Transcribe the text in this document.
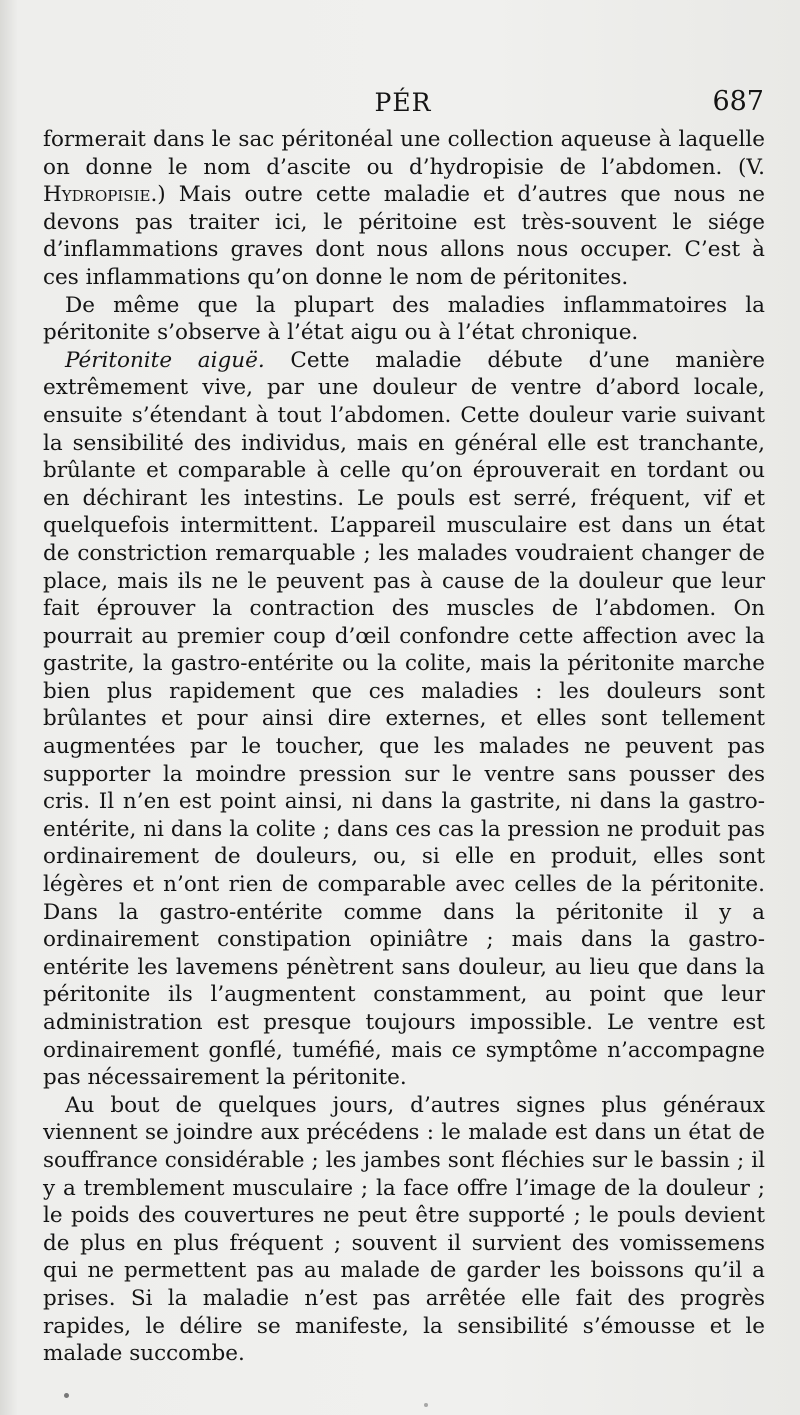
PÉR	687

formerait dans le sac péritonéal une collection aqueuse à laquelle on donne le nom d’ascite ou d’hydropisie de l’abdomen. (V. Hydropisie.) Mais outre cette maladie et d’autres que nous ne devons pas traiter ici, le péritoine est très-souvent le siége d’inflammations graves dont nous allons nous occuper. C’est à ces inflammations qu’on donne le nom de péritonites.

De même que la plupart des maladies inflammatoires la péritonite s’observe à l’état aigu ou à l’état chronique.

Péritonite aiguë. Cette maladie débute d’une manière extrêmement vive, par une douleur de ventre d’abord locale, ensuite s’étendant à tout l’abdomen. Cette douleur varie suivant la sensibilité des individus, mais en général elle est tranchante, brûlante et comparable à celle qu’on éprouverait en tordant ou en déchirant les intestins. Le pouls est serré, fréquent, vif et quelquefois intermittent. L’appareil musculaire est dans un état de constriction remarquable ; les malades voudraient changer de place, mais ils ne le peuvent pas à cause de la douleur que leur fait éprouver la contraction des muscles de l’abdomen. On pourrait au premier coup d’œil confondre cette affection avec la gastrite, la gastro-entérite ou la colite, mais la péritonite marche bien plus rapidement que ces maladies : les douleurs sont brûlantes et pour ainsi dire externes, et elles sont tellement augmentées par le toucher, que les malades ne peuvent pas supporter la moindre pression sur le ventre sans pousser des cris. Il n’en est point ainsi, ni dans la gastrite, ni dans la gastro-entérite, ni dans la colite ; dans ces cas la pression ne produit pas ordinairement de douleurs, ou, si elle en produit, elles sont légères et n’ont rien de comparable avec celles de la péritonite. Dans la gastro-entérite comme dans la péritonite il y a ordinairement constipation opiniâtre ; mais dans la gastro-entérite les lavemens pénètrent sans douleur, au lieu que dans la péritonite ils l’augmentent constamment, au point que leur administration est presque toujours impossible. Le ventre est ordinairement gonflé, tuméfié, mais ce symptôme n’accompagne pas nécessairement la péritonite.

Au bout de quelques jours, d’autres signes plus généraux viennent se joindre aux précédens : le malade est dans un état de souffrance considérable ; les jambes sont fléchies sur le bassin ; il y a tremblement musculaire ; la face offre l’image de la douleur ; le poids des couvertures ne peut être supporté ; le pouls devient de plus en plus fréquent ; souvent il survient des vomissemens qui ne permettent pas au malade de garder les boissons qu’il a prises. Si la maladie n’est pas arrêtée elle fait des progrès rapides, le délire se manifeste, la sensibilité s’émousse et le malade succombe.
